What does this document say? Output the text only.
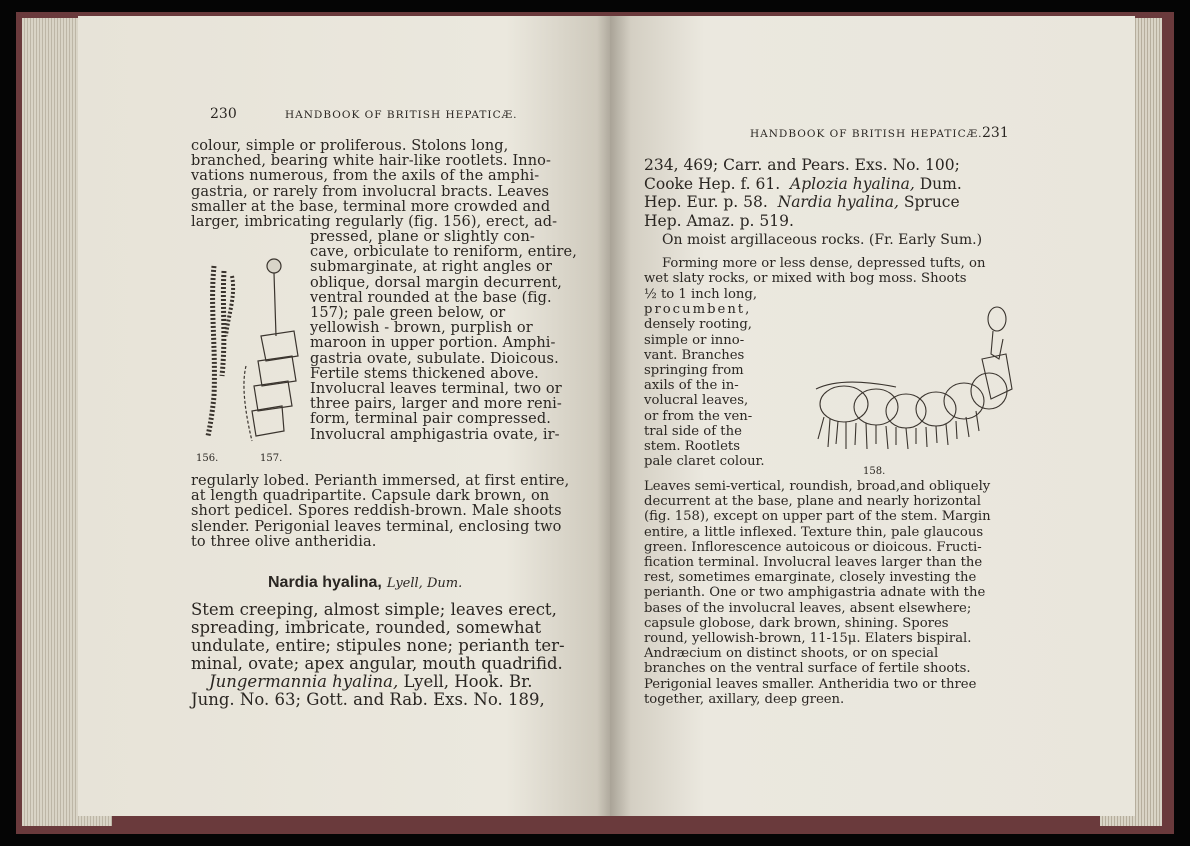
230	HANDBOOK OF BRITISH HEPATICÆ.
colour, simple or proliferous. Stolons long,
branched, bearing white hair-like rootlets. Inno-
vations numerous, from the axils of the amphi-
gastria, or rarely from involucral bracts. Leaves
smaller at the base, terminal more crowded and
larger, imbricating regularly (fig. 156), erect, ad-
156.	157.
pressed, plane or slightly con-
cave, orbiculate to reniform, entire,
submarginate, at right angles or
oblique, dorsal margin decurrent,
ventral rounded at the base (fig.
157); pale green below, or
yellowish - brown, purplish or
maroon in upper portion. Amphi-
gastria ovate, subulate. Dioicous.
Fertile stems thickened above.
Involucral leaves terminal, two or
three pairs, larger and more reni-
form, terminal pair compressed.
Involucral amphigastria ovate, ir-
regularly lobed. Perianth immersed, at first entire,
at length quadripartite. Capsule dark brown, on
short pedicel. Spores reddish-brown. Male shoots
slender. Perigonial leaves terminal, enclosing two
to three olive antheridia.
Nardia hyalina, Lyell, Dum.
Stem creeping, almost simple; leaves erect,
spreading, imbricate, rounded, somewhat
undulate, entire; stipules none; perianth ter-
minal, ovate; apex angular, mouth quadrifid.
Jungermannia hyalina, Lyell, Hook. Br.
Jung. No. 63; Gott. and Rab. Exs. No. 189,
HANDBOOK OF BRITISH HEPATICÆ. 231
234, 469; Carr. and Pears. Exs. No. 100;
Cooke Hep. f. 61. Aplozia hyalina, Dum.
Hep. Eur. p. 58. Nardia hyalina, Spruce
Hep. Amaz. p. 519.
On moist argillaceous rocks. (Fr. Early Sum.)
Forming more or less dense, depressed tufts, on
wet slaty rocks, or mixed with bog moss. Shoots
½ to 1 inch long,
procumbent,
densely rooting,
simple or inno-
vant. Branches
springing from
axils of the in-
volucral leaves,
or from the ven-
tral side of the
stem. Rootlets
pale claret colour.
158.
Leaves semi-vertical, roundish, broad,and obliquely
decurrent at the base, plane and nearly horizontal
(fig. 158), except on upper part of the stem. Margin
entire, a little inflexed. Texture thin, pale glaucous
green. Inflorescence autoicous or dioicous. Fructi-
fication terminal. Involucral leaves larger than the
rest, sometimes emarginate, closely investing the
perianth. One or two amphigastria adnate with the
bases of the involucral leaves, absent elsewhere;
capsule globose, dark brown, shining. Spores
round, yellowish-brown, 11-15μ. Elaters bispiral.
Andræcium on distinct shoots, or on special
branches on the ventral surface of fertile shoots.
Perigonial leaves smaller. Antheridia two or three
together, axillary, deep green.
